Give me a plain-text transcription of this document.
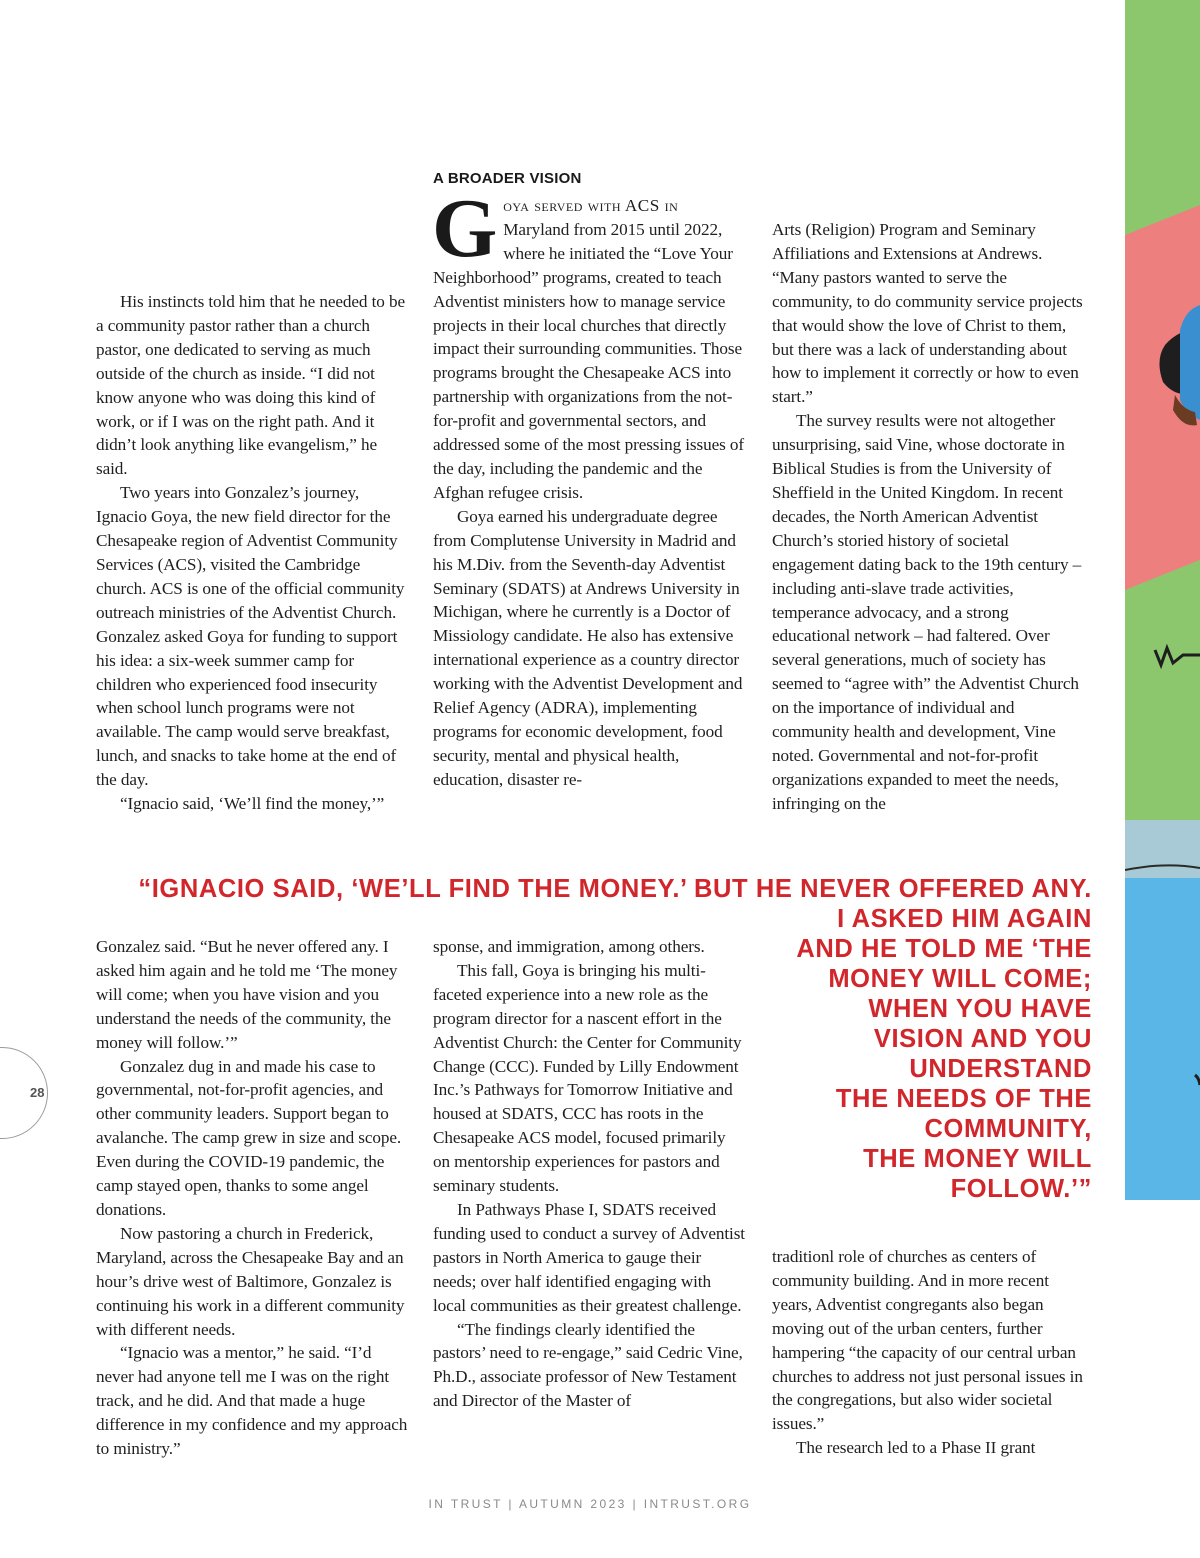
A BROADER VISION

His instincts told him that he needed to be a community pastor rather than a church pastor, one dedicated to serving as much outside of the church as inside. “I did not know anyone who was doing this kind of work, or if I was on the right path. And it didn’t look anything like evangelism,” he said.

Two years into Gonzalez’s journey, Ignacio Goya, the new field director for the Chesapeake region of Adventist Community Services (ACS), visited the Cambridge church. ACS is one of the official community outreach ministries of the Adventist Church. Gonzalez asked Goya for funding to support his idea: a six-week summer camp for children who experienced food insecurity when school lunch programs were not available. The camp would serve breakfast, lunch, and snacks to take home at the end of the day.

“Ignacio said, ‘We’ll find the money,’”

Goya served with ACS in Maryland from 2015 until 2022, where he initiated the “Love Your Neighborhood” programs, created to teach Adventist ministers how to manage service projects in their local churches that directly impact their surrounding communities. Those programs brought the Chesapeake ACS into partnership with organizations from the not-for-profit and governmental sectors, and addressed some of the most pressing issues of the day, including the pandemic and the Afghan refugee crisis.

Goya earned his undergraduate degree from Complutense University in Madrid and his M.Div. from the Seventh-day Adventist Seminary (SDATS) at Andrews University in Michigan, where he currently is a Doctor of Missiology candidate. He also has extensive international experience as a country director working with the Adventist Development and Relief Agency (ADRA), implementing programs for economic development, food security, mental and physical health, education, disaster re-

Arts (Religion) Program and Seminary Affiliations and Extensions at Andrews. “Many pastors wanted to serve the community, to do community service projects that would show the love of Christ to them, but there was a lack of understanding about how to implement it correctly or how to even start.”

The survey results were not altogether unsurprising, said Vine, whose doctorate in Biblical Studies is from the University of Sheffield in the United Kingdom. In recent decades, the North American Adventist Church’s storied history of societal engagement dating back to the 19th century – including anti-slave trade activities, temperance advocacy, and a strong educational network – had faltered. Over several generations, much of society has seemed to “agree with” the Adventist Church on the importance of individual and community health and development, Vine noted. Governmental and not-for-profit organizations expanded to meet the needs, infringing on the

“IGNACIO SAID, ‘WE’LL FIND THE MONEY.’ BUT HE NEVER OFFERED ANY.
I ASKED HIM AGAIN
AND HE TOLD ME ‘THE
MONEY WILL COME;
WHEN YOU HAVE
VISION AND YOU
UNDERSTAND
THE NEEDS OF THE
COMMUNITY,
THE MONEY WILL
FOLLOW.’”

Gonzalez said. “But he never offered any. I asked him again and he told me ‘The money will come; when you have vision and you understand the needs of the community, the money will follow.’”

Gonzalez dug in and made his case to governmental, not-for-profit agencies, and other community leaders. Support began to avalanche. The camp grew in size and scope. Even during the COVID-19 pandemic, the camp stayed open, thanks to some angel donations.

Now pastoring a church in Frederick, Maryland, across the Chesapeake Bay and an hour’s drive west of Baltimore, Gonzalez is continuing his work in a different community with different needs.

“Ignacio was a mentor,” he said. “I’d never had anyone tell me I was on the right track, and he did. And that made a huge difference in my confidence and my approach to ministry.”

sponse, and immigration, among others.

This fall, Goya is bringing his multi-faceted experience into a new role as the program director for a nascent effort in the Adventist Church: the Center for Community Change (CCC). Funded by Lilly Endowment Inc.’s Pathways for Tomorrow Initiative and housed at SDATS, CCC has roots in the Chesapeake ACS model, focused primarily on mentorship experiences for pastors and seminary students.

In Pathways Phase I, SDATS received funding used to conduct a survey of Adventist pastors in North America to gauge their needs; over half identified engaging with local communities as their greatest challenge.

“The findings clearly identified the pastors’ need to re-engage,” said Cedric Vine, Ph.D., associate professor of New Testament and Director of the Master of

traditionl role of churches as centers of community building. And in more recent years, Adventist congregants also began moving out of the urban centers, further hampering “the capacity of our central urban churches to address not just personal issues in the congregations, but also wider societal issues.”

The research led to a Phase II grant

28
IN TRUST | AUTUMN 2023 | INTRUST.ORG
